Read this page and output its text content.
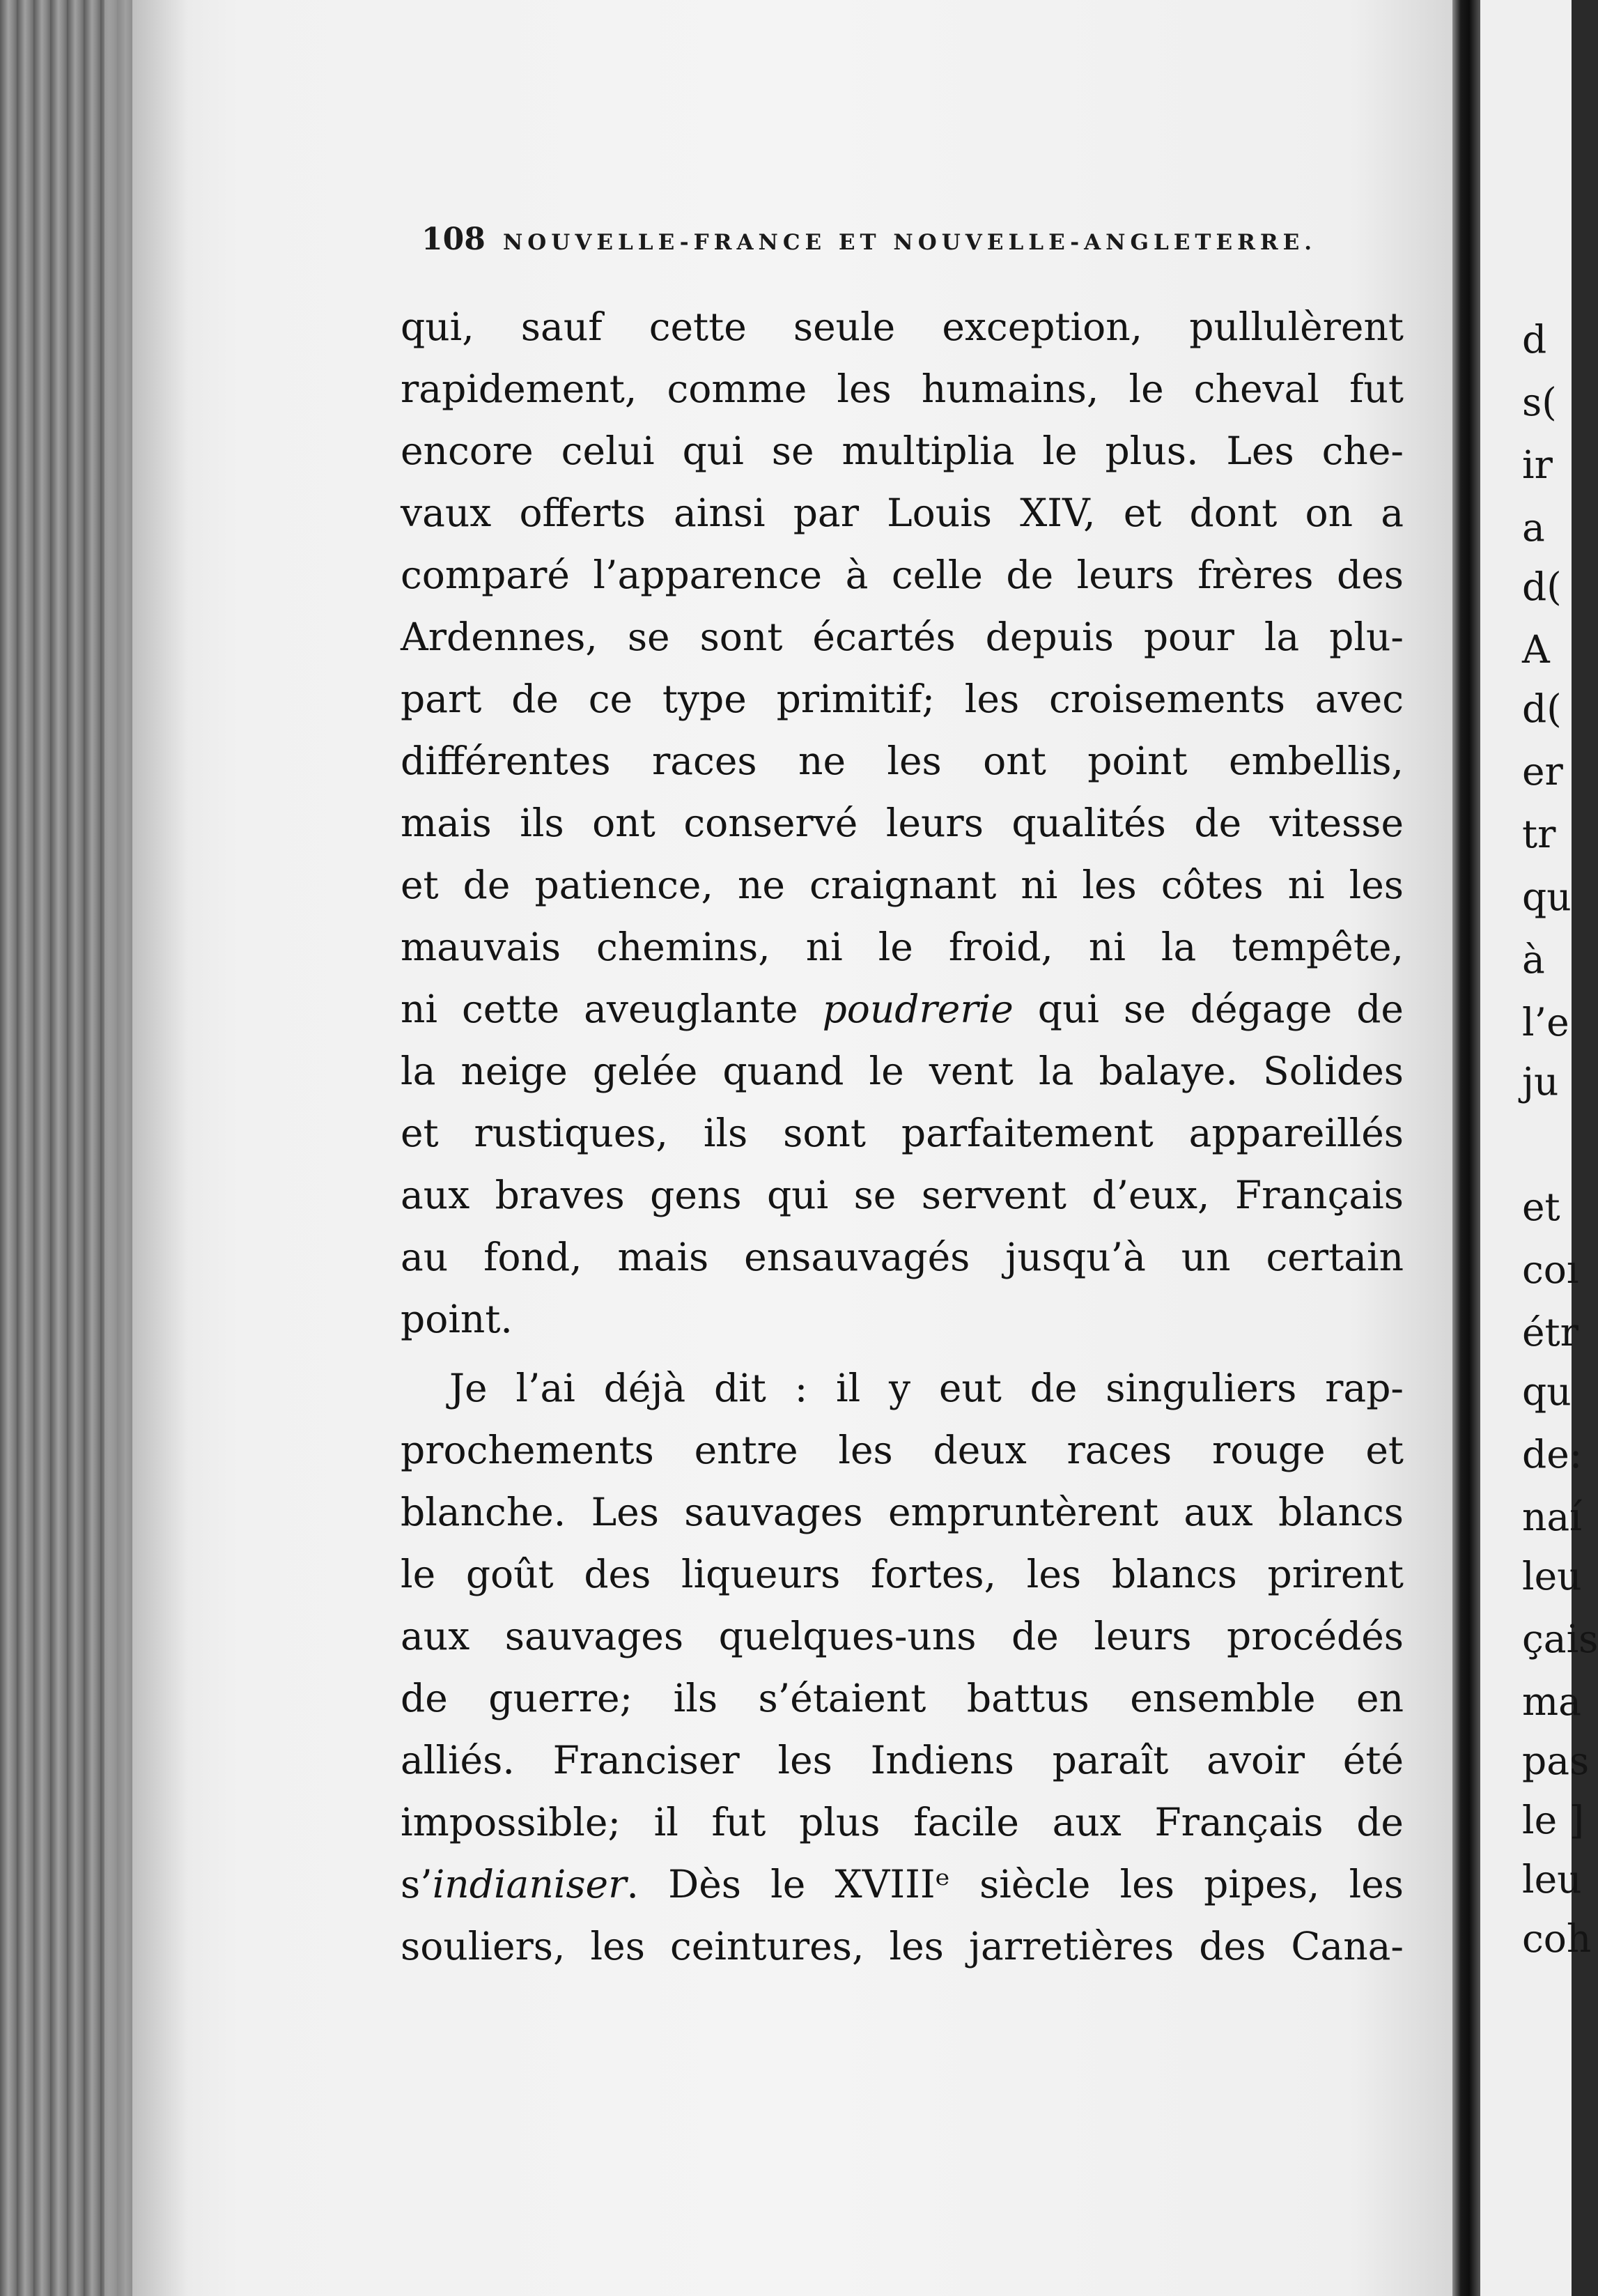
108 NOUVELLE-FRANCE ET NOUVELLE-ANGLETERRE.
qui, sauf cette seule exception, pullulèrent
rapidement, comme les humains, le cheval fut
encore celui qui se multiplia le plus. Les che-
vaux offerts ainsi par Louis XIV, et dont on a
comparé l’apparence à celle de leurs frères des
Ardennes, se sont écartés depuis pour la plu-
part de ce type primitif; les croisements avec
différentes races ne les ont point embellis,
mais ils ont conservé leurs qualités de vitesse
et de patience, ne craignant ni les côtes ni les
mauvais chemins, ni le froid, ni la tempête,
ni cette aveuglante poudrerie qui se dégage de
la neige gelée quand le vent la balaye. Solides
et rustiques, ils sont parfaitement appareillés
aux braves gens qui se servent d’eux, Français
au fond, mais ensauvagés jusqu’à un certain
point.
Je l’ai déjà dit : il y eut de singuliers rap-
prochements entre les deux races rouge et
blanche. Les sauvages empruntèrent aux blancs
le goût des liqueurs fortes, les blancs prirent
aux sauvages quelques-uns de leurs procédés
de guerre; ils s’étaient battus ensemble en
alliés. Franciser les Indiens paraît avoir été
impossible; il fut plus facile aux Français de
s’indianiser. Dès le XVIIIᵉ siècle les pipes, les
souliers, les ceintures, les jarretières des Cana-
d
s(
ir
a
d(
A
d(
er
tr
qu
à
l’e
ju
et
coı
étr
qu
de:
naí
leu
çais
ma
pas
le ]
leu
coh
